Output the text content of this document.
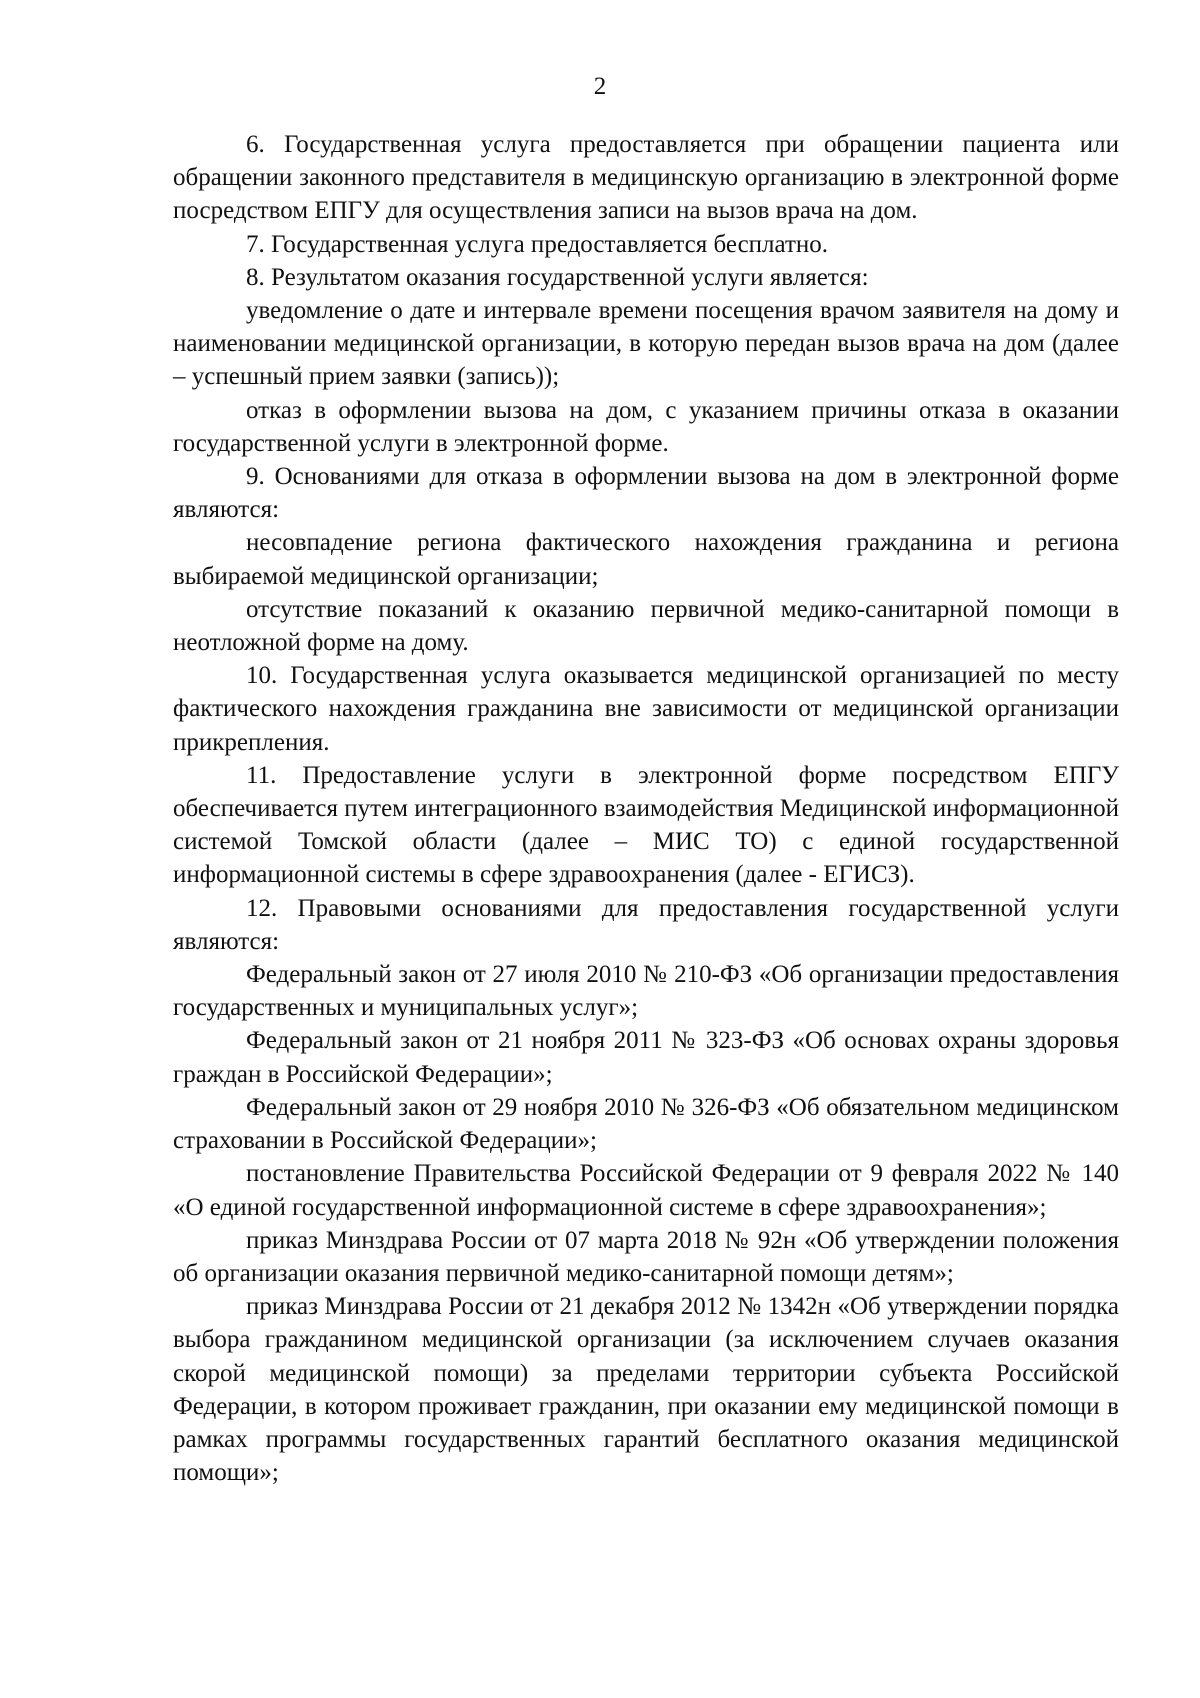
2

6. Государственная услуга предоставляется при обращении пациента или обращении законного представителя в медицинскую организацию в электронной форме посредством ЕПГУ для осуществления записи на вызов врача на дом.

7. Государственная услуга предоставляется бесплатно.

8. Результатом оказания государственной услуги является:

уведомление о дате и интервале времени посещения врачом заявителя на дому и наименовании медицинской организации, в которую передан вызов врача на дом (далее – успешный прием заявки (запись));

отказ в оформлении вызова на дом, с указанием причины отказа в оказании государственной услуги в электронной форме.

9. Основаниями для отказа в оформлении вызова на дом в электронной форме являются:

несовпадение региона фактического нахождения гражданина и региона выбираемой медицинской организации;

отсутствие показаний к оказанию первичной медико-санитарной помощи в неотложной форме на дому.

10. Государственная услуга оказывается медицинской организацией по месту фактического нахождения гражданина вне зависимости от медицинской организации прикрепления.

11. Предоставление услуги в электронной форме посредством ЕПГУ обеспечивается путем интеграционного взаимодействия Медицинской информационной системой Томской области (далее – МИС ТО) с единой государственной информационной системы в сфере здравоохранения (далее - ЕГИСЗ).

12. Правовыми основаниями для предоставления государственной услуги являются:

Федеральный закон от 27 июля 2010 № 210-ФЗ «Об организации предоставления государственных и муниципальных услуг»;

Федеральный закон от 21 ноября 2011 № 323-ФЗ «Об основах охраны здоровья граждан в Российской Федерации»;

Федеральный закон от 29 ноября 2010 № 326-ФЗ «Об обязательном медицинском страховании в Российской Федерации»;

постановление Правительства Российской Федерации от 9 февраля 2022 № 140 «О единой государственной информационной системе в сфере здравоохранения»;

приказ Минздрава России от 07 марта 2018 № 92н «Об утверждении положения об организации оказания первичной медико-санитарной помощи детям»;

приказ Минздрава России от 21 декабря 2012 № 1342н «Об утверждении порядка выбора гражданином медицинской организации (за исключением случаев оказания скорой медицинской помощи) за пределами территории субъекта Российской Федерации, в котором проживает гражданин, при оказании ему медицинской помощи в рамках программы государственных гарантий бесплатного оказания медицинской помощи»;
